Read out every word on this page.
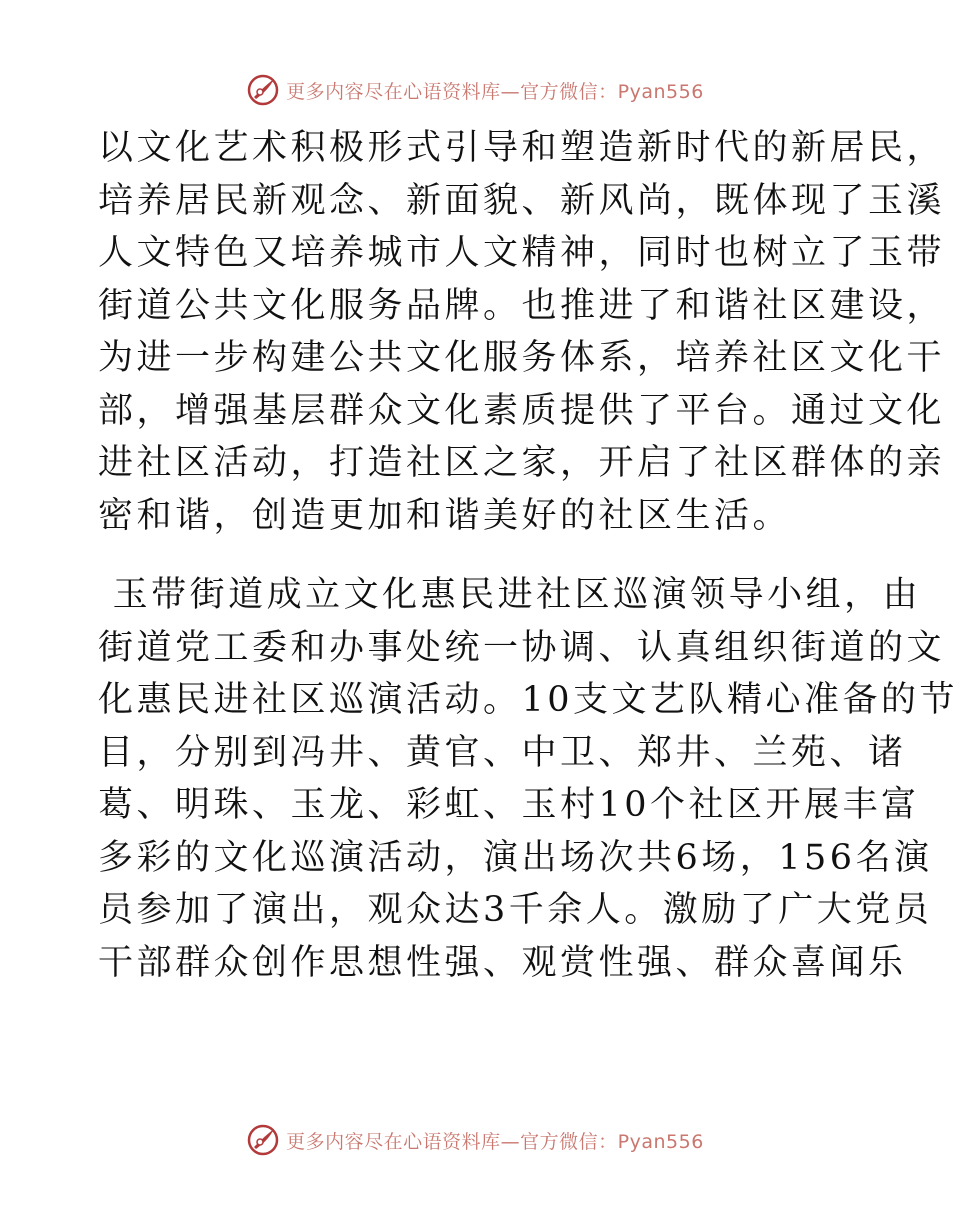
更多内容尽在心语资料库—官方微信：Pyan556
以文化艺术积极形式引导和塑造新时代的新居民，
培养居民新观念、新面貌、新风尚，既体现了玉溪
人文特色又培养城市人文精神，同时也树立了玉带
街道公共文化服务品牌。也推进了和谐社区建设，
为进一步构建公共文化服务体系，培养社区文化干
部，增强基层群众文化素质提供了平台。通过文化
进社区活动，打造社区之家，开启了社区群体的亲
密和谐，创造更加和谐美好的社区生活。
玉带街道成立文化惠民进社区巡演领导小组，由
街道党工委和办事处统一协调、认真组织街道的文
化惠民进社区巡演活动。10支文艺队精心准备的节
目，分别到冯井、黄官、中卫、郑井、兰苑、诸
葛、明珠、玉龙、彩虹、玉村10个社区开展丰富
多彩的文化巡演活动，演出场次共6场，156名演
员参加了演出，观众达3千余人。激励了广大党员
干部群众创作思想性强、观赏性强、群众喜闻乐
更多内容尽在心语资料库—官方微信：Pyan556
